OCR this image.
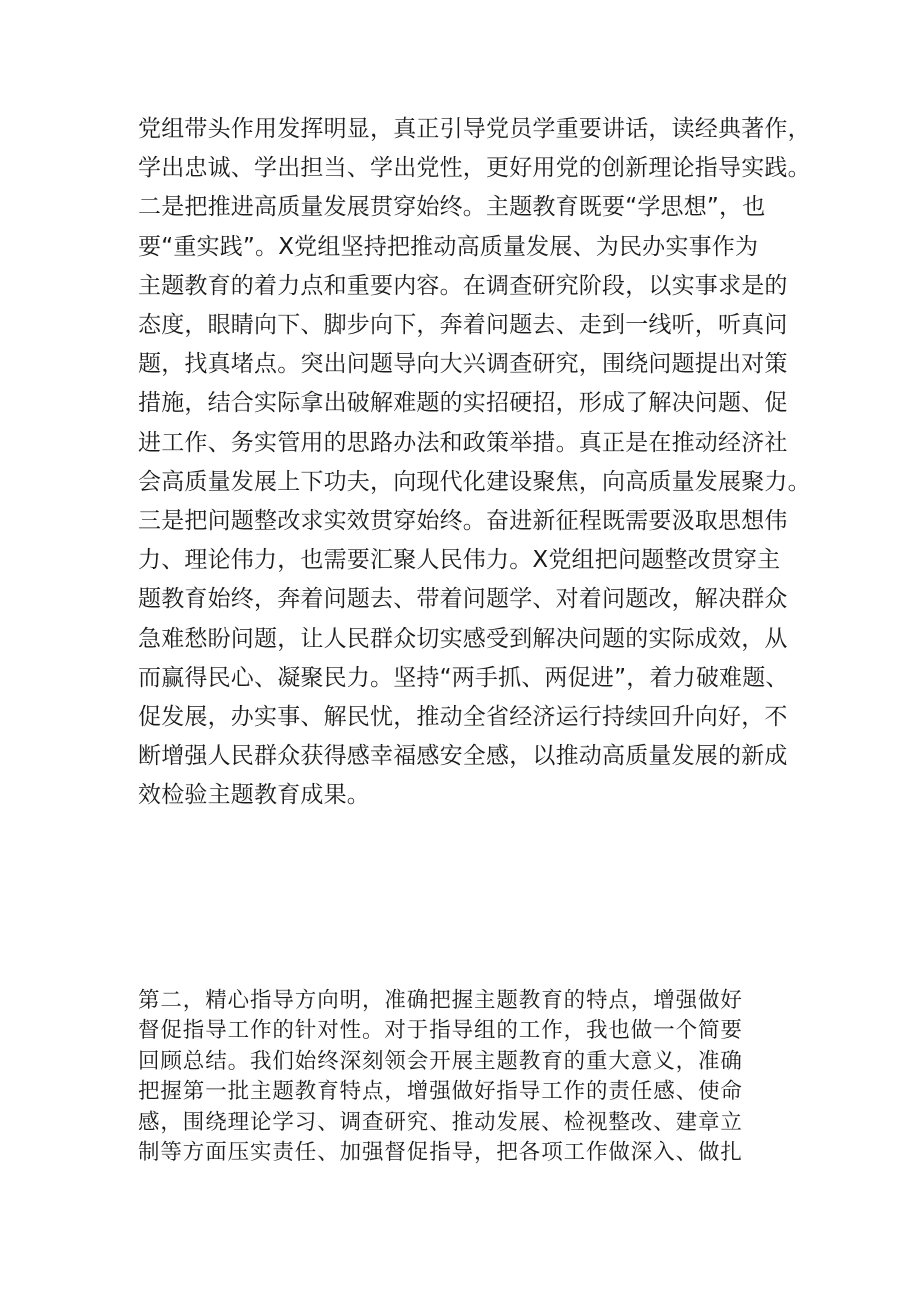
党组带头作用发挥明显，真正引导党员学重要讲话，读经典著作，
学出忠诚、学出担当、学出党性，更好用党的创新理论指导实践。
二是把推进高质量发展贯穿始终。主题教育既要“学思想”，也
要“重实践”。X党组坚持把推动高质量发展、为民办实事作为
主题教育的着力点和重要内容。在调查研究阶段，以实事求是的
态度，眼睛向下、脚步向下，奔着问题去、走到一线听，听真问
题，找真堵点。突出问题导向大兴调查研究，围绕问题提出对策
措施，结合实际拿出破解难题的实招硬招，形成了解决问题、促
进工作、务实管用的思路办法和政策举措。真正是在推动经济社
会高质量发展上下功夫，向现代化建设聚焦，向高质量发展聚力。
三是把问题整改求实效贯穿始终。奋进新征程既需要汲取思想伟
力、理论伟力，也需要汇聚人民伟力。X党组把问题整改贯穿主
题教育始终，奔着问题去、带着问题学、对着问题改，解决群众
急难愁盼问题，让人民群众切实感受到解决问题的实际成效，从
而赢得民心、凝聚民力。坚持“两手抓、两促进”，着力破难题、
促发展，办实事、解民忧，推动全省经济运行持续回升向好，不
断增强人民群众获得感幸福感安全感，以推动高质量发展的新成
效检验主题教育成果。
第二，精心指导方向明，准确把握主题教育的特点，增强做好
督促指导工作的针对性。对于指导组的工作，我也做一个简要
回顾总结。我们始终深刻领会开展主题教育的重大意义，准确
把握第一批主题教育特点，增强做好指导工作的责任感、使命
感，围绕理论学习、调查研究、推动发展、检视整改、建章立
制等方面压实责任、加强督促指导，把各项工作做深入、做扎
